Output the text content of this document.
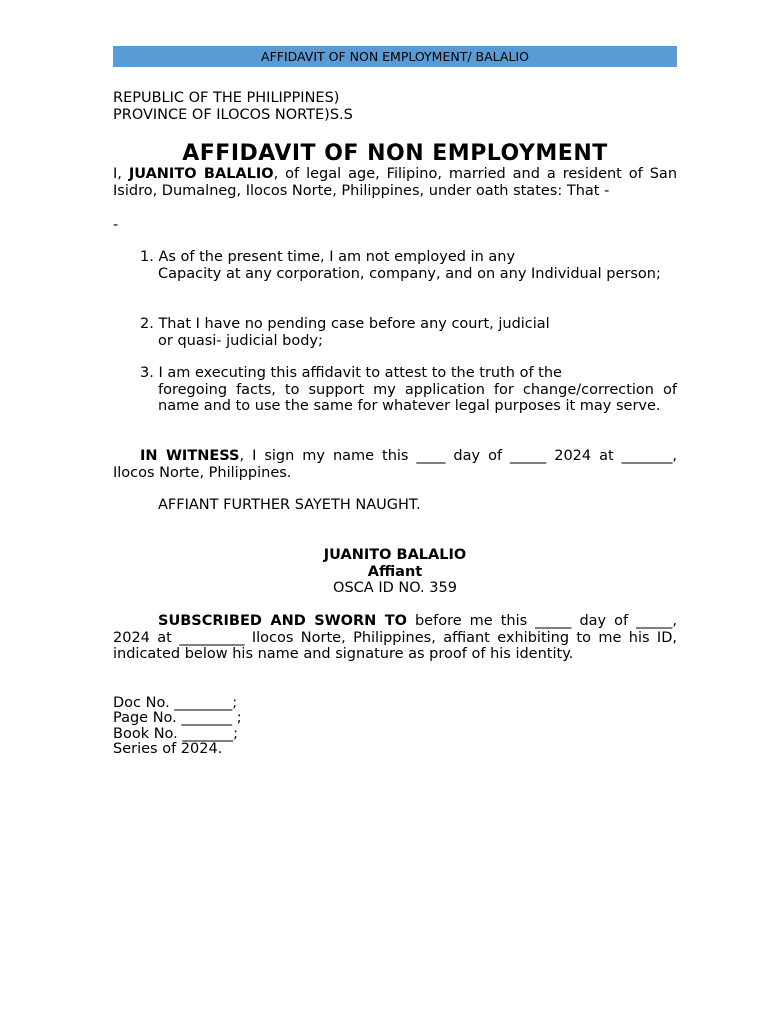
AFFIDAVIT OF NON EMPLOYMENT/ BALALIO
REPUBLIC OF THE PHILIPPINES)
PROVINCE OF ILOCOS NORTE)S.S
AFFIDAVIT OF NON EMPLOYMENT
I, JUANITO BALALIO, of legal age, Filipino, married and a resident of San Isidro, Dumalneg, Ilocos Norte, Philippines, under oath states: That -
-
1. As of the present time, I am not employed in any
Capacity at any corporation, company, and on any Individual person;
2. That I have no pending case before any court, judicial
or quasi- judicial body;
3. I am executing this affidavit to attest to the truth of the
foregoing facts, to support my application for change/correction of name and to use the same for whatever legal purposes it may serve.
IN WITNESS, I sign my name this ____ day of _____ 2024 at _______, Ilocos Norte, Philippines.
AFFIANT FURTHER SAYETH NAUGHT.
JUANITO BALALIO
Affiant
OSCA ID NO. 359
SUBSCRIBED AND SWORN TO before me this _____ day of _____, 2024 at _________ Ilocos Norte, Philippines, affiant exhibiting to me his ID, indicated below his name and signature as proof of his identity.
Doc No. ________;
Page No. _______ ;
Book No. _______;
Series of 2024.
